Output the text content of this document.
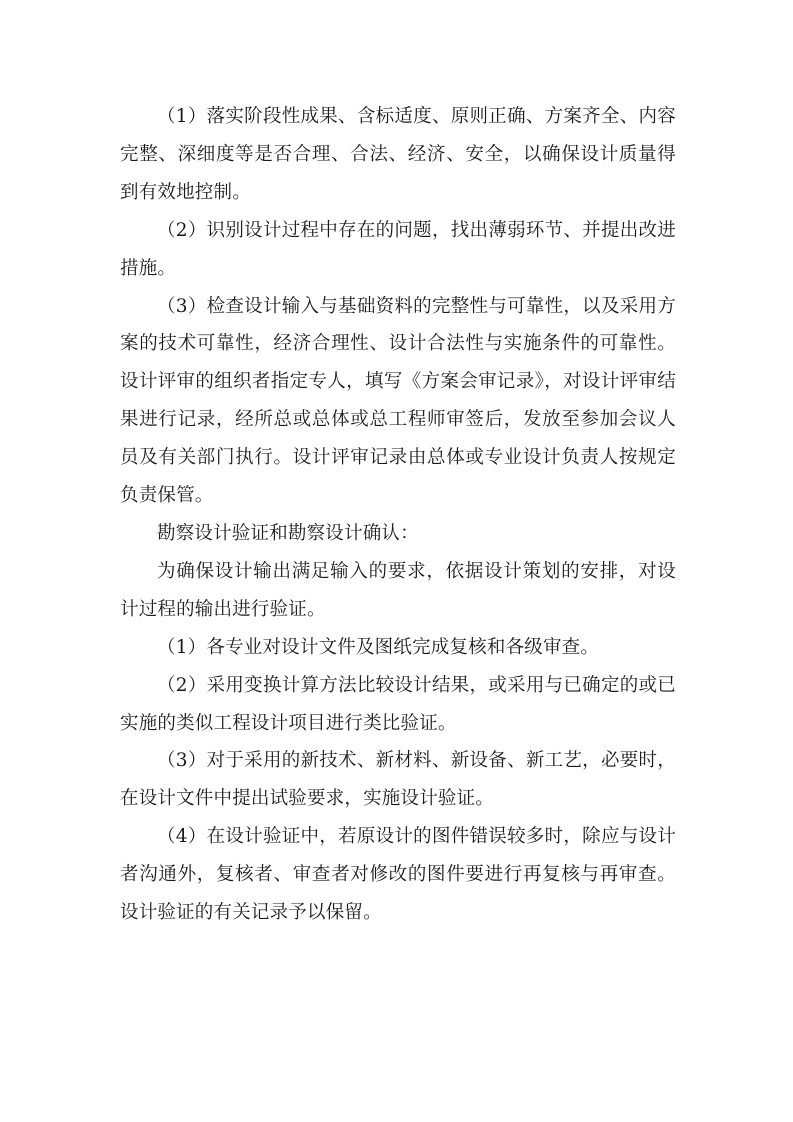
（1）落实阶段性成果、含标适度、原则正确、方案齐全、内容完整、深细度等是否合理、合法、经济、安全，以确保设计质量得到有效地控制。

（2）识别设计过程中存在的问题，找出薄弱环节、并提出改进措施。

（3）检查设计输入与基础资料的完整性与可靠性，以及采用方案的技术可靠性，经济合理性、设计合法性与实施条件的可靠性。设计评审的组织者指定专人，填写《方案会审记录》，对设计评审结果进行记录，经所总或总体或总工程师审签后，发放至参加会议人员及有关部门执行。设计评审记录由总体或专业设计负责人按规定负责保管。

勘察设计验证和勘察设计确认：

为确保设计输出满足输入的要求，依据设计策划的安排，对设计过程的输出进行验证。

（1）各专业对设计文件及图纸完成复核和各级审查。

（2）采用变换计算方法比较设计结果，或采用与已确定的或已实施的类似工程设计项目进行类比验证。

（3）对于采用的新技术、新材料、新设备、新工艺，必要时，在设计文件中提出试验要求，实施设计验证。

（4）在设计验证中，若原设计的图件错误较多时，除应与设计者沟通外，复核者、审查者对修改的图件要进行再复核与再审查。设计验证的有关记录予以保留。
